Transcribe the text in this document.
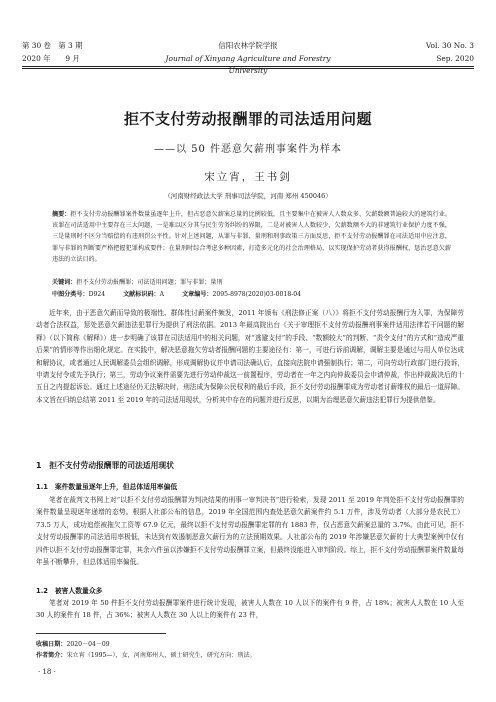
第 30 卷　第 3 期	信阳农林学院学报	Vol. 30 No. 3
2020 年　　9 月	Journal of Xinyang Agriculture and Forestry University
Sep. 2020
拒不支付劳动报酬罪的司法适用问题
——以 50 件恶意欠薪刑事案件为样本
宋立宵，王书剑
（河南财经政法大学 刑事司法学院，河南 郑州 450046）
摘要：拒不支付劳动报酬罪案件数量虽逐年上升，但占恶意欠薪案总量的比例较低，且主要集中在被害人人数众多、欠薪数额普遍较大的建筑行业。该罪在司法适用中主要存在三大问题，一是难以区分其与民生劳务纠纷的界限，二是对被害人人数较少、欠薪数额不大的非建筑行业保护力度不强，三是量刑时不区分当赔偿的有违刑罚公平性。针对上述问题，从罪与非罪、量刑和刑事政策三方面反思，拒不支付劳动报酬罪在司法适用中应注意，罪与非罪的判断要严格把握犯罪构成要件；在量刑时综合考虑多种因素，打造多元化的社会治理格局，以实现保护劳动者获得报酬权，惩治恶意欠薪违法的立法目的。
关键词：拒不支付劳动报酬罪；司法适用问题；罪与非罪；量刑
中图分类号：D924	文献标识码：A	文章编号：2095-8978(2020)03-0018-04
近年来，由于恶意欠薪而导致的极端性、群体性讨薪案件频发，2011 年颁布《刑法修正案（八）》将拒不支付劳动报酬行为入罪，为保障劳动者合法权益，惩处恶意欠薪违法犯罪行为提供了刑法依据。2013 年最高院出台《关于审理拒不支付劳动报酬刑事案件适用法律若干问题的解释》（以下简称《解释》）进一步明确了该罪在司法适用中的相关问题，对“逃避支付”的手段、“数额较大”的判断、“责令支付”的方式和“造成严重后果”的情形等作出细化规定。在实践中，解决恶意拖欠劳动者报酬问题的主要途径有：第一，可进行诉前调解，调解主要是通过与用人单位达成和解协议，或者通过人民调解委员会组织调解，形成调解协议并申请司法确认后，直接向法院申请强制执行；第二，可向劳动行政部门进行投诉，申请支付令或先予执行；第三，劳动争议案件需要先进行劳动仲裁这一前置程序，劳动者在一年之内向仲裁委员会申请仲裁，作出仲裁裁决后的十五日之内提起诉讼。通过上述途径仍无法解决时，刑法成为保障公民权利的最后手段，拒不支付劳动报酬罪成为劳动者讨薪维权的最后一道屏障。本文旨在归纳总结第 2011 至 2019 年的司法适用现状，分析其中存在的问题并进行反思，以期为治理恶意欠薪违法犯罪行为提供借鉴。
1　拒不支付劳动报酬罪的司法适用现状
1.1　案件数量虽逐年上升，但总体适用率偏低
笔者在裁判文书网上对“以拒不支付劳动报酬罪为判决结果的刑事一审判决书”进行检索，发现 2011 至 2019 年判处拒不支付劳动报酬罪的案件数量呈现逐年递增的态势。根据人社部公布的信息，2019 年全国范围内查处恶意欠薪案件约 5.1 万件，涉及劳动者（大部分是农民工）73.5 万人，成功追偿被拖欠工资等 67.9 亿元，最终以拒不支付劳动报酬罪定罪的有 1883 件，仅占恶意欠薪案总量的 3.7%。由此可见，拒不支付劳动报酬罪的司法适用率极低，未达到有效遏制恶意欠薪行为的立法预期效果。人社部公布的 2019 年涉嫌恶意欠薪的十大典型案例中仅有四件以拒不支付劳动报酬罪定罪，其余六件虽以涉嫌拒不支付劳动报酬罪立案，但最终没能进入审判阶段。综上，拒不支付劳动报酬罪案件数量每年虽不断攀升，但总体适用率偏低。
1.2　被害人数量众多
笔者对 2019 年 50 件拒不支付劳动报酬罪案件进行统计发现，被害人人数在 10 人以下的案件有 9 件，占 18%；被害人人数在 10 人至 30 人的案件有 18 件，占 36%；被害人人数在 30 人以上的案件有 23 件，
收稿日期：2020－04－09
作者简介：宋立宵（1995—），女，河南郑州人，硕士研究生，研究方向：刑法。
· 18 ·
